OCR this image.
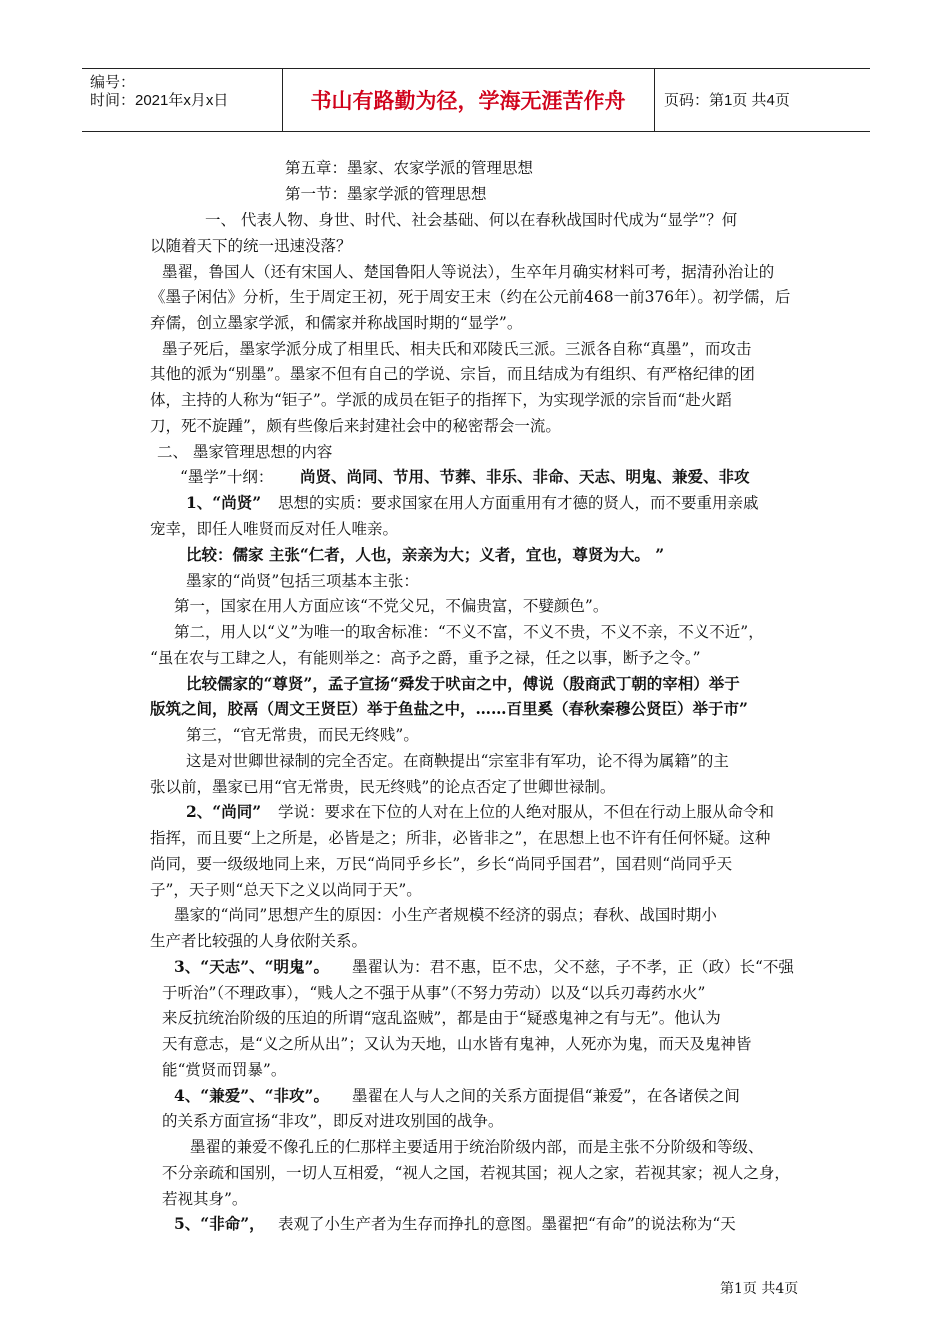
编号：
时间：2021年x月x日	书山有路勤为径，学海无涯苦作舟	页码：第1页 共4页
第五章：墨家、农家学派的管理思想
第一节：墨家学派的管理思想
一、 代表人物、身世、时代、社会基础、何以在春秋战国时代成为“显学”？何
以随着天下的统一迅速没落？
墨翟，鲁国人（还有宋国人、楚国鲁阳人等说法），生卒年月确实材料可考，据清孙治让的
《墨子闲估》分析，生于周定王初，死于周安王末（约在公元前468一前376年）。初学儒，后
弃儒，创立墨家学派，和儒家并称战国时期的“显学”。
墨子死后，墨家学派分成了相里氏、相夫氏和邓陵氏三派。三派各自称“真墨”，而攻击
其他的派为“别墨”。墨家不但有自己的学说、宗旨，而且结成为有组织、有严格纪律的团
体，主持的人称为“钜子”。学派的成员在钜子的指挥下，为实现学派的宗旨而“赴火蹈
刀，死不旋踵”，颇有些像后来封建社会中的秘密帮会一流。
二、 墨家管理思想的内容
“墨学”十纲： 尚贤、尚同、节用、节葬、非乐、非命、天志、明鬼、兼爱、非攻
1、“尚贤” 思想的实质：要求国家在用人方面重用有才德的贤人，而不要重用亲戚
宠幸，即任人唯贤而反对任人唯亲。
比较：儒家 主张“仁者，人也，亲亲为大；义者，宜也，尊贤为大。 ”
墨家的“尚贤”包括三项基本主张：
第一，国家在用人方面应该“不党父兄，不偏贵富，不嬖颜色”。
第二，用人以“义”为唯一的取舍标准：“不义不富，不义不贵，不义不亲，不义不近”，
“虽在农与工肆之人，有能则举之：高予之爵，重予之禄，任之以事，断予之令。”
比较儒家的“尊贤”，孟子宣扬“舜发于吠亩之中，傅说（殷商武丁朝的宰相）举于
版筑之间，胶鬲（周文王贤臣）举于鱼盐之中，……百里奚（春秋秦穆公贤臣）举于市”
第三，“官无常贵，而民无终贱”。
这是对世卿世禄制的完全否定。在商鞅提出“宗室非有军功，论不得为属籍”的主
张以前，墨家已用“官无常贵，民无终贱”的论点否定了世卿世禄制。
2、“尚同” 学说：要求在下位的人对在上位的人绝对服从，不但在行动上服从命令和
指挥，而且要“上之所是，必皆是之；所非，必皆非之”，在思想上也不许有任何怀疑。这种
尚同，要一级级地同上来，万民“尚同乎乡长”，乡长“尚同乎国君”，国君则“尚同乎天
子”，天子则“总天下之义以尚同于天”。
墨家的“尚同”思想产生的原因：小生产者规模不经济的弱点；春秋、战国时期小
生产者比较强的人身依附关系。
3、“天志”、“明鬼”。 墨翟认为：君不惠，臣不忠，父不慈，子不孝，正（政）长“不强
于听治”（不理政事），“贱人之不强于从事”（不努力劳动）以及“以兵刃毒药水火”
来反抗统治阶级的压迫的所谓“寇乱盗贼”，都是由于“疑惑鬼神之有与无”。他认为
天有意志，是“义之所从出”；又认为天地，山水皆有鬼神，人死亦为鬼，而天及鬼神皆
能“赏贤而罚暴”。
4、“兼爱”、“非攻”。 墨翟在人与人之间的关系方面提倡“兼爱”，在各诸侯之间
的关系方面宣扬“非攻”，即反对进攻别国的战争。
墨翟的兼爱不像孔丘的仁那样主要适用于统治阶级内部，而是主张不分阶级和等级、
不分亲疏和国别，一切人互相爱，“视人之国，若视其国；视人之家，若视其家；视人之身，
若视其身”。
5、“非命”， 表观了小生产者为生存而挣扎的意图。墨翟把“有命”的说法称为“天
第1页 共4页
